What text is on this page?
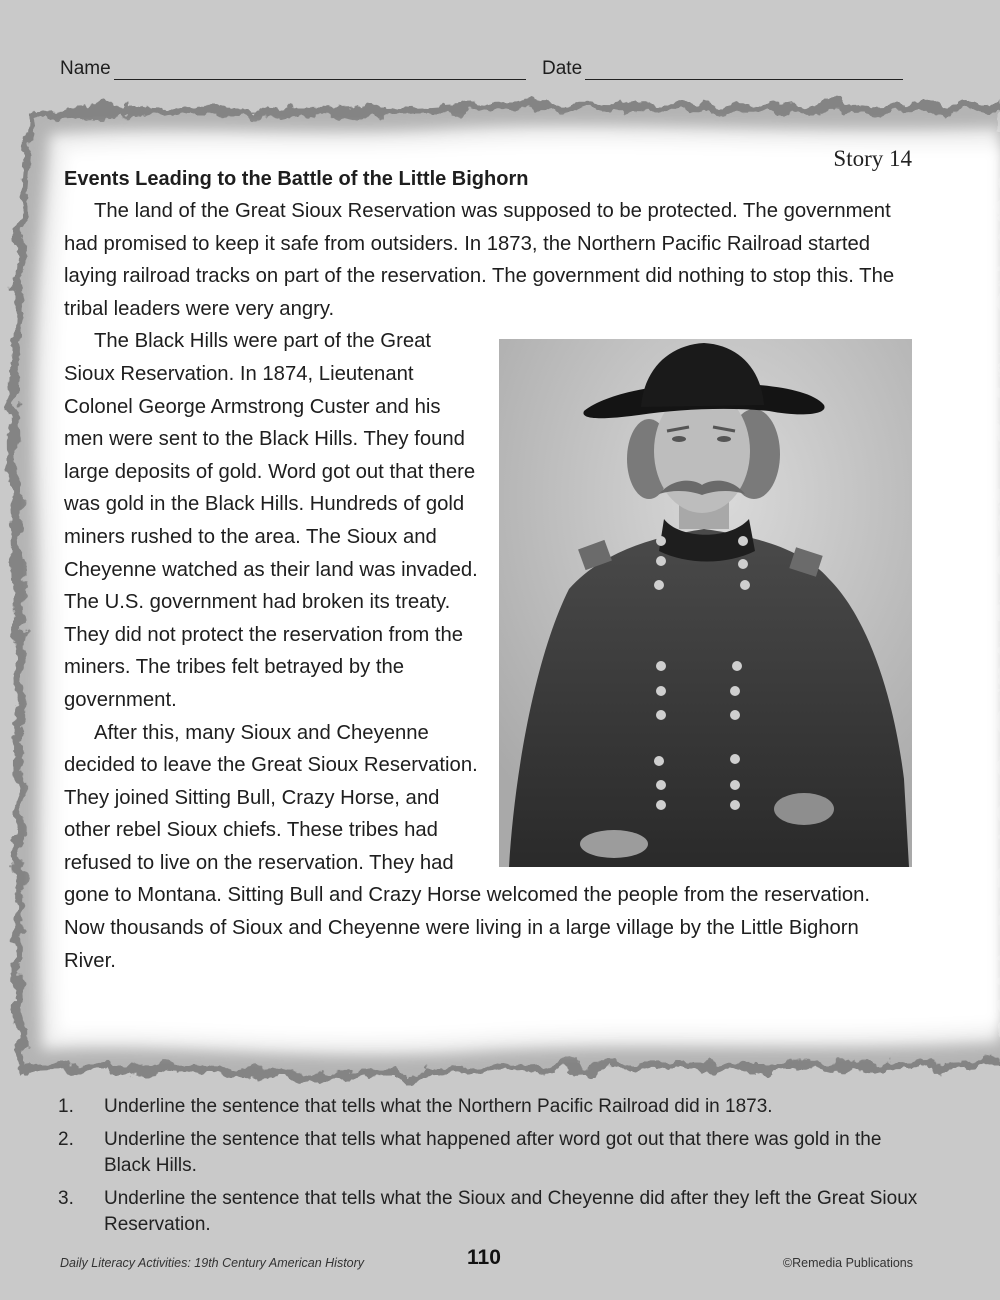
Name	Date
Story 14
Events Leading to the Battle of the Little Bighorn

The land of the Great Sioux Reservation was supposed to be protected. The government had promised to keep it safe from outsiders. In 1873, the Northern Pacific Railroad started laying railroad tracks on part of the reservation. The government did nothing to stop this. The tribal leaders were very angry.

The Black Hills were part of the Great Sioux Reservation. In 1874, Lieutenant Colonel George Armstrong Custer and his men were sent to the Black Hills. They found large deposits of gold. Word got out that there was gold in the Black Hills. Hundreds of gold miners rushed to the area. The Sioux and Cheyenne watched as their land was invaded. The U.S. government had broken its treaty. They did not protect the reservation from the miners. The tribes felt betrayed by the government.

After this, many Sioux and Cheyenne decided to leave the Great Sioux Reservation. They joined Sitting Bull, Crazy Horse, and other rebel Sioux chiefs. These tribes had refused to live on the reservation. They had gone to Montana. Sitting Bull and Crazy Horse welcomed the people from the reservation. Now thousands of Sioux and Cheyenne were living in a large village by the Little Bighorn River.

1.	Underline the sentence that tells what the Northern Pacific Railroad did in 1873.
2.	Underline the sentence that tells what happened after word got out that there was gold in the Black Hills.
3.	Underline the sentence that tells what the Sioux and Cheyenne did after they left the Great Sioux Reservation.
Daily Literacy Activities: 19th Century American History	110	©Remedia Publications
